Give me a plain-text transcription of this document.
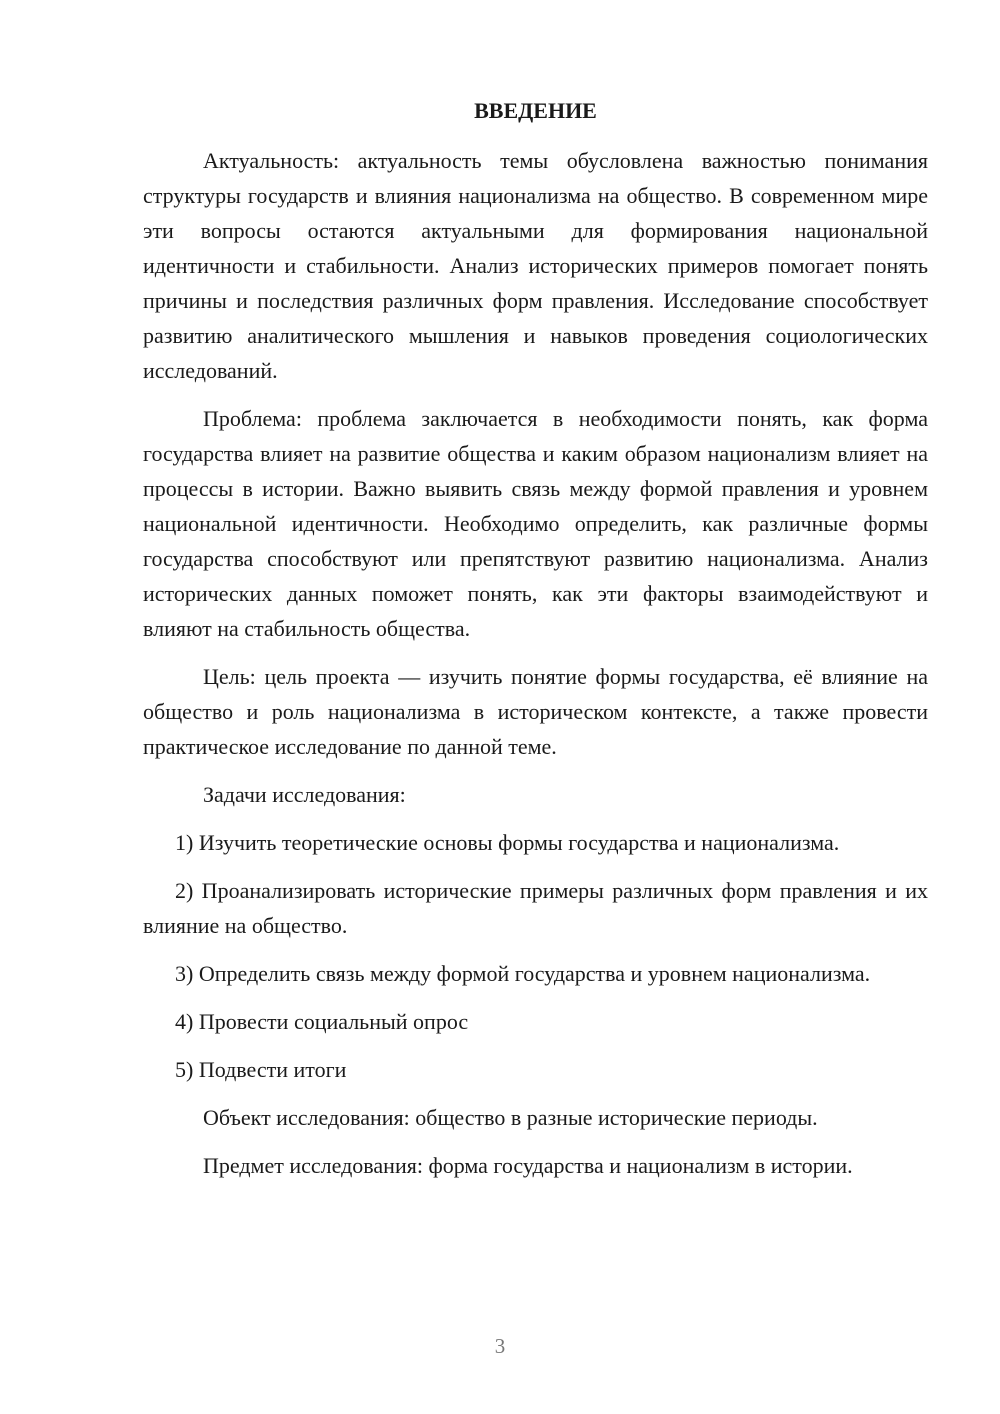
ВВЕДЕНИЕ

Актуальность: актуальность темы обусловлена важностью понимания структуры государств и влияния национализма на общество. В современном мире эти вопросы остаются актуальными для формирования национальной идентичности и стабильности. Анализ исторических примеров помогает понять причины и последствия различных форм правления. Исследование способствует развитию аналитического мышления и навыков проведения социологических исследований.

Проблема: проблема заключается в необходимости понять, как форма государства влияет на развитие общества и каким образом национализм влияет на процессы в истории. Важно выявить связь между формой правления и уровнем национальной идентичности. Необходимо определить, как различные формы государства способствуют или препятствуют развитию национализма. Анализ исторических данных поможет понять, как эти факторы взаимодействуют и влияют на стабильность общества.

Цель: цель проекта — изучить понятие формы государства, её влияние на общество и роль национализма в историческом контексте, а также провести практическое исследование по данной теме.

Задачи исследования:

1) Изучить теоретические основы формы государства и национализма.

2) Проанализировать исторические примеры различных форм правления и их влияние на общество.

3) Определить связь между формой государства и уровнем национализма.

4) Провести социальный опрос

5) Подвести итоги

Объект исследования: общество в разные исторические периоды.

Предмет исследования: форма государства и национализм в истории.

3
